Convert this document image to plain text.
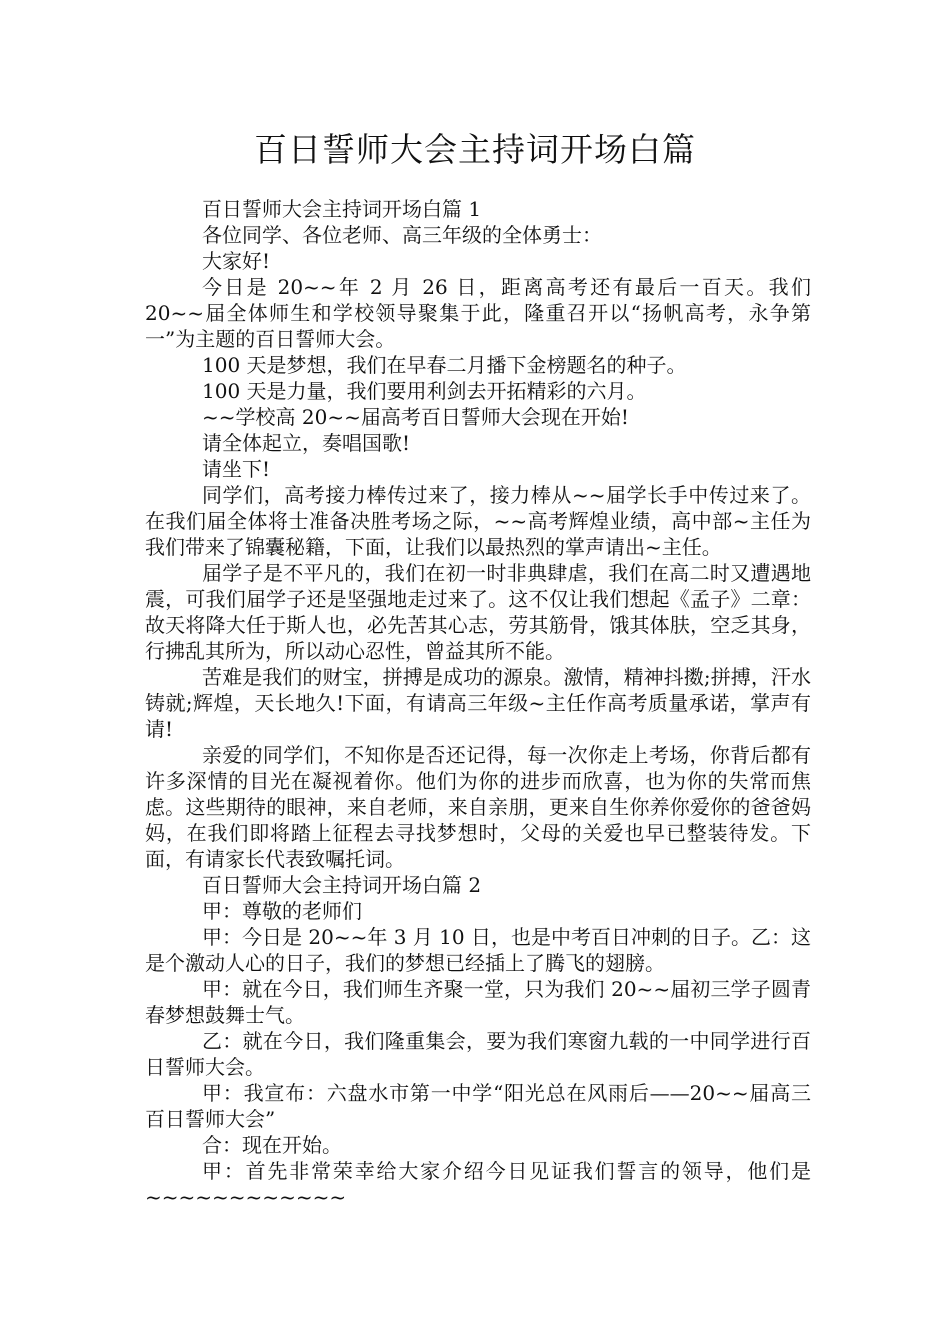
百日誓师大会主持词开场白篇

百日誓师大会主持词开场白篇 1

各位同学、各位老师、高三年级的全体勇士：

大家好!

今日是 20~~年 2 月 26 日，距离高考还有最后一百天。我们 20~~届全体师生和学校领导聚集于此，隆重召开以“扬帆高考，永争第一”为主题的百日誓师大会。

100 天是梦想，我们在早春二月播下金榜题名的种子。

100 天是力量，我们要用利剑去开拓精彩的六月。

~~学校高 20~~届高考百日誓师大会现在开始!

请全体起立，奏唱国歌!

请坐下!

同学们，高考接力棒传过来了，接力棒从~~届学长手中传过来了。在我们届全体将士准备决胜考场之际，~~高考辉煌业绩，高中部~主任为我们带来了锦囊秘籍，下面，让我们以最热烈的掌声请出~主任。

届学子是不平凡的，我们在初一时非典肆虐，我们在高二时又遭遇地震，可我们届学子还是坚强地走过来了。这不仅让我们想起《孟子》二章：故天将降大任于斯人也，必先苦其心志，劳其筋骨，饿其体肤，空乏其身，行拂乱其所为，所以动心忍性，曾益其所不能。

苦难是我们的财宝，拼搏是成功的源泉。激情，精神抖擞;拼搏，汗水铸就;辉煌，天长地久!下面，有请高三年级~主任作高考质量承诺，掌声有请!

亲爱的同学们，不知你是否还记得，每一次你走上考场，你背后都有许多深情的目光在凝视着你。他们为你的进步而欣喜，也为你的失常而焦虑。这些期待的眼神，来自老师，来自亲朋，更来自生你养你爱你的爸爸妈妈，在我们即将踏上征程去寻找梦想时，父母的关爱也早已整装待发。下面，有请家长代表致嘱托词。

百日誓师大会主持词开场白篇 2

甲：尊敬的老师们

甲：今日是 20~~年 3 月 10 日，也是中考百日冲刺的日子。乙：这是个激动人心的日子，我们的梦想已经插上了腾飞的翅膀。

甲：就在今日，我们师生齐聚一堂，只为我们 20~~届初三学子圆青春梦想鼓舞士气。

乙：就在今日，我们隆重集会，要为我们寒窗九载的一中同学进行百日誓师大会。

甲：我宣布：六盘水市第一中学“阳光总在风雨后——20~~届高三百日誓师大会”

合：现在开始。

甲：首先非常荣幸给大家介绍今日见证我们誓言的领导，他们是~~~~~~~~~~~~
